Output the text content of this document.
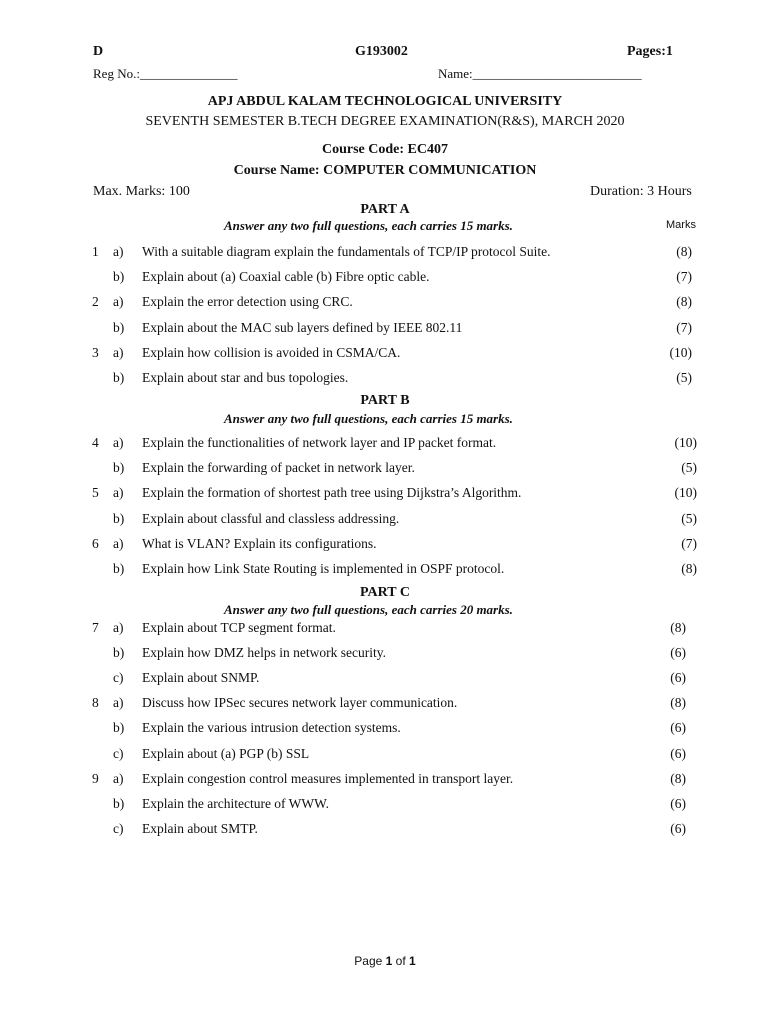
D	G193002	Pages:1
Reg No.:_______________	Name:__________________________
APJ ABDUL KALAM TECHNOLOGICAL UNIVERSITY
SEVENTH SEMESTER B.TECH DEGREE EXAMINATION(R&S), MARCH 2020
Course Code: EC407
Course Name: COMPUTER COMMUNICATION
Max. Marks: 100	Duration: 3 Hours
PART A
Answer any two full questions, each carries 15 marks.	Marks
1 a) With a suitable diagram explain the fundamentals of TCP/IP protocol Suite.	(8)
b) Explain about (a) Coaxial cable (b) Fibre optic cable.	(7)
2 a) Explain the error detection using CRC.	(8)
b) Explain about the MAC sub layers defined by IEEE 802.11	(7)
3 a) Explain how collision is avoided in CSMA/CA.	(10)
b) Explain about star and bus topologies.	(5)
PART B
Answer any two full questions, each carries 15 marks.
4 a) Explain the functionalities of network layer and IP packet format.	(10)
b) Explain the forwarding of packet in network layer.	(5)
5 a) Explain the formation of shortest path tree using Dijkstra’s Algorithm.	(10)
b) Explain about classful and classless addressing.	(5)
6 a) What is VLAN? Explain its configurations.	(7)
b) Explain how Link State Routing is implemented in OSPF protocol.	(8)
PART C
Answer any two full questions, each carries 20 marks.
7 a) Explain about TCP segment format.	(8)
b) Explain how DMZ helps in network security.	(6)
c) Explain about SNMP.	(6)
8 a) Discuss how IPSec secures network layer communication.	(8)
b) Explain the various intrusion detection systems.	(6)
c) Explain about (a) PGP (b) SSL	(6)
9 a) Explain congestion control measures implemented in transport layer.	(8)
b) Explain the architecture of WWW.	(6)
c) Explain about SMTP.	(6)
Page 1 of 1
